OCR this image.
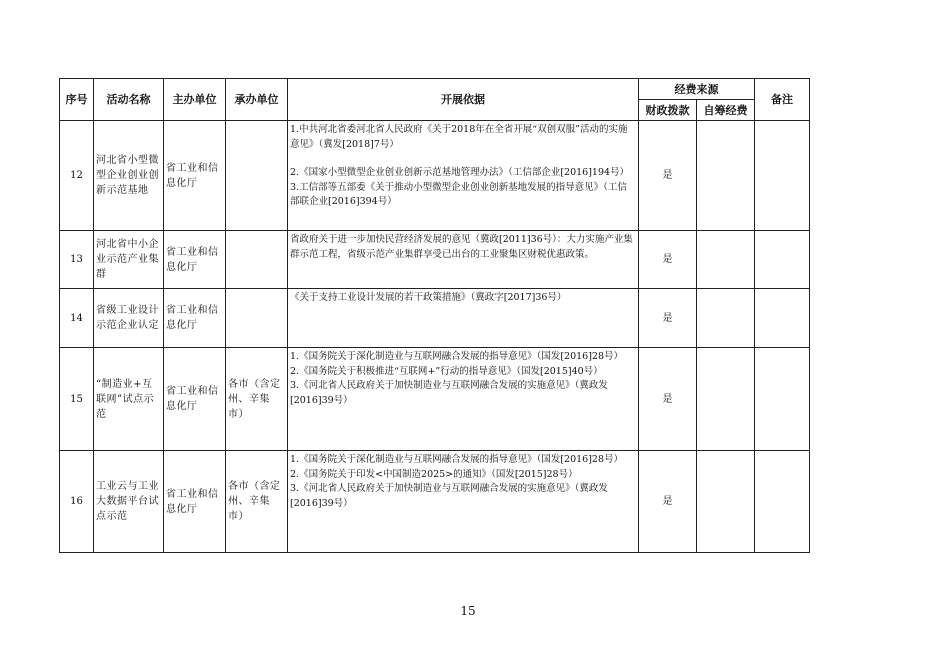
序号	活动名称	主办单位	承办单位	开展依据	经费来源		备注
					财政拨款	自筹经费	
12	河北省小型微型企业创业创新示范基地	省工业和信息化厅		1.中共河北省委河北省人民政府《关于2018年在全省开展“双创双服”活动的实施意见》（冀发[2018]7号）
2.《国家小型微型企业创业创新示范基地管理办法》（工信部企业[2016]194号）
3.工信部等五部委《关于推动小型微型企业创业创新基地发展的指导意见》（工信部联企业[2016]394号）	是		
13	河北省中小企业示范产业集群	省工业和信息化厅		省政府关于进一步加快民营经济发展的意见（冀政[2011]36号）：大力实施产业集群示范工程，省级示范产业集群享受已出台的工业聚集区财税优惠政策。	是		
14	省级工业设计示范企业认定	省工业和信息化厅		《关于支持工业设计发展的若干政策措施》（冀政字[2017]36号）	是		
15	“制造业+互联网”试点示范	省工业和信息化厅	各市（含定州、辛集市）	1.《国务院关于深化制造业与互联网融合发展的指导意见》（国发[2016]28号）
2.《国务院关于积极推进“互联网+”行动的指导意见》（国发[2015]40号）
3.《河北省人民政府关于加快制造业与互联网融合发展的实施意见》（冀政发[2016]39号）	是		
16	工业云与工业大数据平台试点示范	省工业和信息化厅	各市（含定州、辛集市）	1.《国务院关于深化制造业与互联网融合发展的指导意见》（国发[2016]28号）
2.《国务院关于印发<中国制造2025>的通知》（国发[2015]28号）
3.《河北省人民政府关于加快制造业与互联网融合发展的实施意见》（冀政发[2016]39号）	是		
15
